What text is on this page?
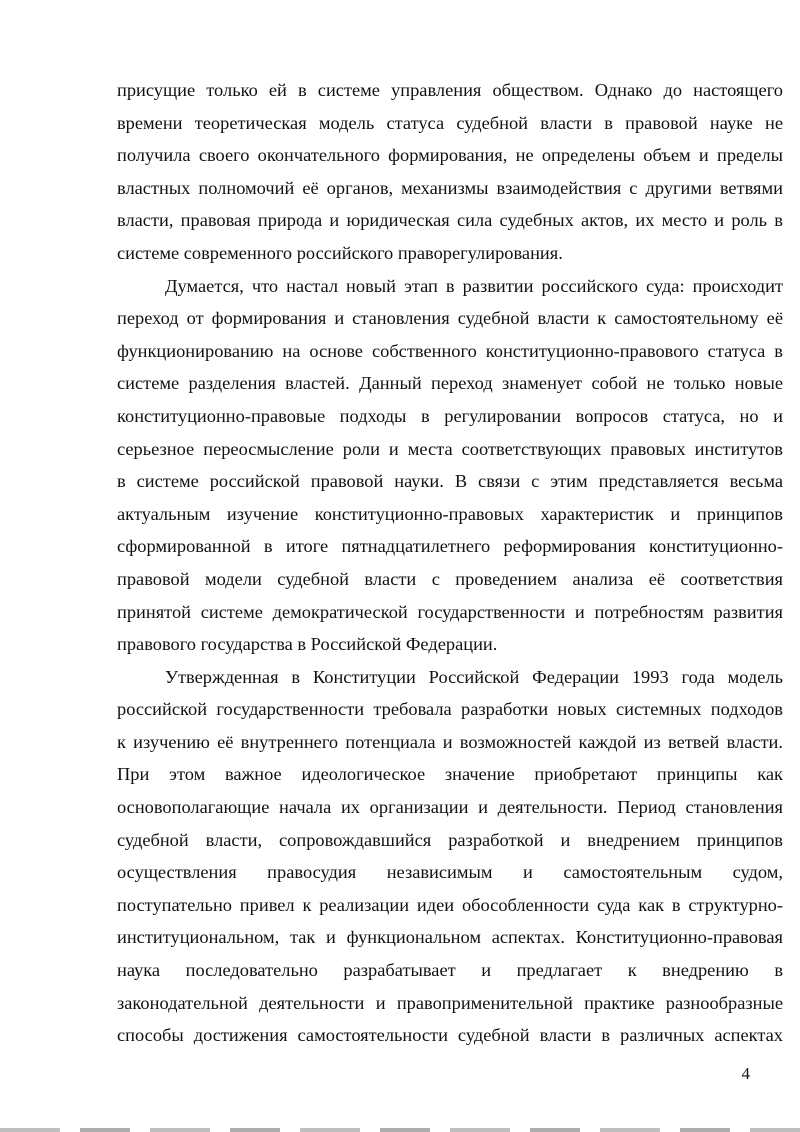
присущие только ей в системе управления обществом. Однако до настоящего
времени теоретическая модель статуса судебной власти в правовой науке не
получила своего окончательного формирования, не определены объем и пределы
властных полномочий её органов, механизмы взаимодействия с другими ветвями
власти, правовая природа и юридическая сила судебных актов, их место и роль в
системе современного российского праворегулирования.
Думается, что настал новый этап в развитии российского суда: происходит
переход от формирования и становления судебной власти к самостоятельному её
функционированию на основе собственного конституционно-правового статуса в
системе разделения властей. Данный переход знаменует собой не только новые
конституционно-правовые подходы в регулировании вопросов статуса, но и
серьезное переосмысление роли и места соответствующих правовых институтов
в системе российской правовой науки. В связи с этим представляется весьма
актуальным изучение конституционно-правовых характеристик и принципов
сформированной в итоге пятнадцатилетнего реформирования конституционно-
правовой модели судебной власти с проведением анализа её соответствия
принятой системе демократической государственности и потребностям развития
правового государства в Российской Федерации.
Утвержденная в Конституции Российской Федерации 1993 года модель
российской государственности требовала разработки новых системных подходов
к изучению её внутреннего потенциала и возможностей каждой из ветвей власти.
При этом важное идеологическое значение приобретают принципы как
основополагающие начала их организации и деятельности. Период становления
судебной власти, сопровождавшийся разработкой и внедрением принципов
осуществления правосудия независимым и самостоятельным судом,
поступательно привел к реализации идеи обособленности суда как в структурно-
институциональном, так и функциональном аспектах. Конституционно-правовая
наука последовательно разрабатывает и предлагает к внедрению в
законодательной деятельности и правоприменительной практике разнообразные
способы достижения самостоятельности судебной власти в различных аспектах
4
